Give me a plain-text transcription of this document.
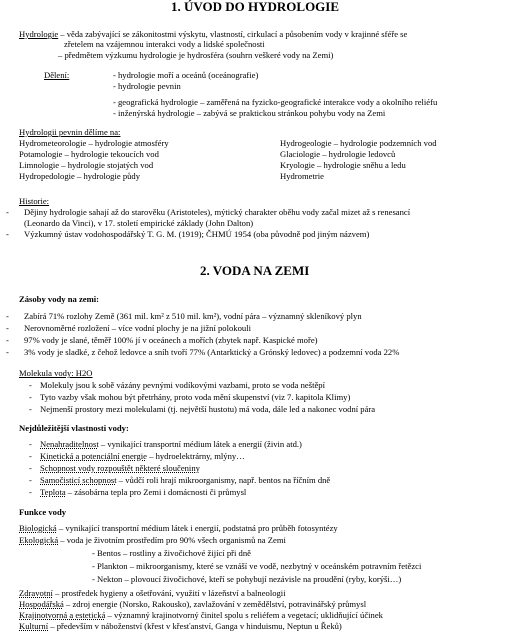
1. ÚVOD DO HYDROLOGIE
Hydrologie – věda zabývající se zákonitostmi výskytu, vlastností, cirkulací a působením vody v krajinné sféře se
zřetelem na vzájemnou interakci vody a lidské společnosti
– předmětem výzkumu hydrologie je hydrosféra (souhrn veškeré vody na Zemi)
Dělení:	- hydrologie moří a oceánů (oceánografie)
- hydrologie pevnin
- geografická hydrologie – zaměřená na fyzicko-geografické interakce vody a okolního reliéfu
- inženýrská hydrologie – zabývá se praktickou stránkou pohybu vody na Zemi
Hydrologii pevnin dělíme na:
Hydrometeorologie – hydrologie atmosféry
Potamologie – hydrologie tekoucích vod
Limnologie – hydrologie stojatých vod
Hydropedologie – hydrologie půdy
Hydrogeologie – hydrologie podzemních vod
Glaciologie – hydrologie ledovců
Kryologie – hydrologie sněhu a ledu
Hydrometrie
Historie:
- Dějiny hydrologie sahají až do starověku (Aristoteles), mýtický charakter oběhu vody začal mizet až s renesancí
(Leonardo da Vinci), v 17. století empirické základy (John Dalton)
- Výzkumný ústav vodohospodářský T. G. M. (1919); ČHMÚ 1954 (oba původně pod jiným názvem)
2. VODA NA ZEMI
Zásoby vody na zemi:
- Zabírá 71% rozlohy Země (361 mil. km² z 510 mil. km²), vodní pára – významný skleníkový plyn
- Nerovnoměrné rozložení – více vodní plochy je na jižní polokouli
- 97% vody je slané, těměř 100% jí v oceánech a mořích (zbytek např. Kaspické moře)
- 3% vody je sladké, z čehož ledovce a sníh tvoří 77% (Antarktický a Grónský ledovec) a podzemní voda 22%
Molekula vody: H2O
- Molekuly jsou k sobě vázány pevnými vodíkovými vazbami, proto se voda neštěpí
- Tyto vazby však mohou být přetrhány, proto voda mění skupenství (viz 7. kapitola Klimy)
- Nejmenší prostory mezi molekulami (tj. největší hustotu) má voda, dále led a nakonec vodní pára
Nejdůležitější vlastnosti vody:
- Nenahraditelnost – vynikající transportní médium látek a energií (živin atd.)
- Kinetická a potenciální energie – hydroelektrárny, mlýny…
- Schopnost vody rozpouštět některé sloučeniny
- Samočisticí schopnost – vůdčí roli hrají mikroorganismy, např. bentos na říčním dně
- Teplota – zásobárna tepla pro Zemi i domácnosti či průmysl
Funkce vody
Biologická – vynikající transportní médium látek i energií, podstatná pro průběh fotosyntézy
Ekologická – voda je životním prostředím pro 90% všech organismů na Zemi
- Bentos – rostliny a živočichové žijící při dně
- Plankton – mikroorganismy, které se vznáší ve vodě, nezbytný v oceánském potravním řetězci
- Nekton – plovoucí živočichové, kteří se pohybují nezávisle na proudění (ryby, korýši…)
Zdravotní – prostředek hygieny a ošetřování, využití v lázeňství a balneologii
Hospodářská – zdroj energie (Norsko, Rakousko), zavlažování v zemědělství, potravinářský průmysl
Krajinotvorná a estetická – významný krajinotvorný činitel spolu s reliéfem a vegetací; uklidňující účinek
Kulturní – především v náboženství (křest v křesťanství, Ganga v hinduismu, Neptun u Řeků)
